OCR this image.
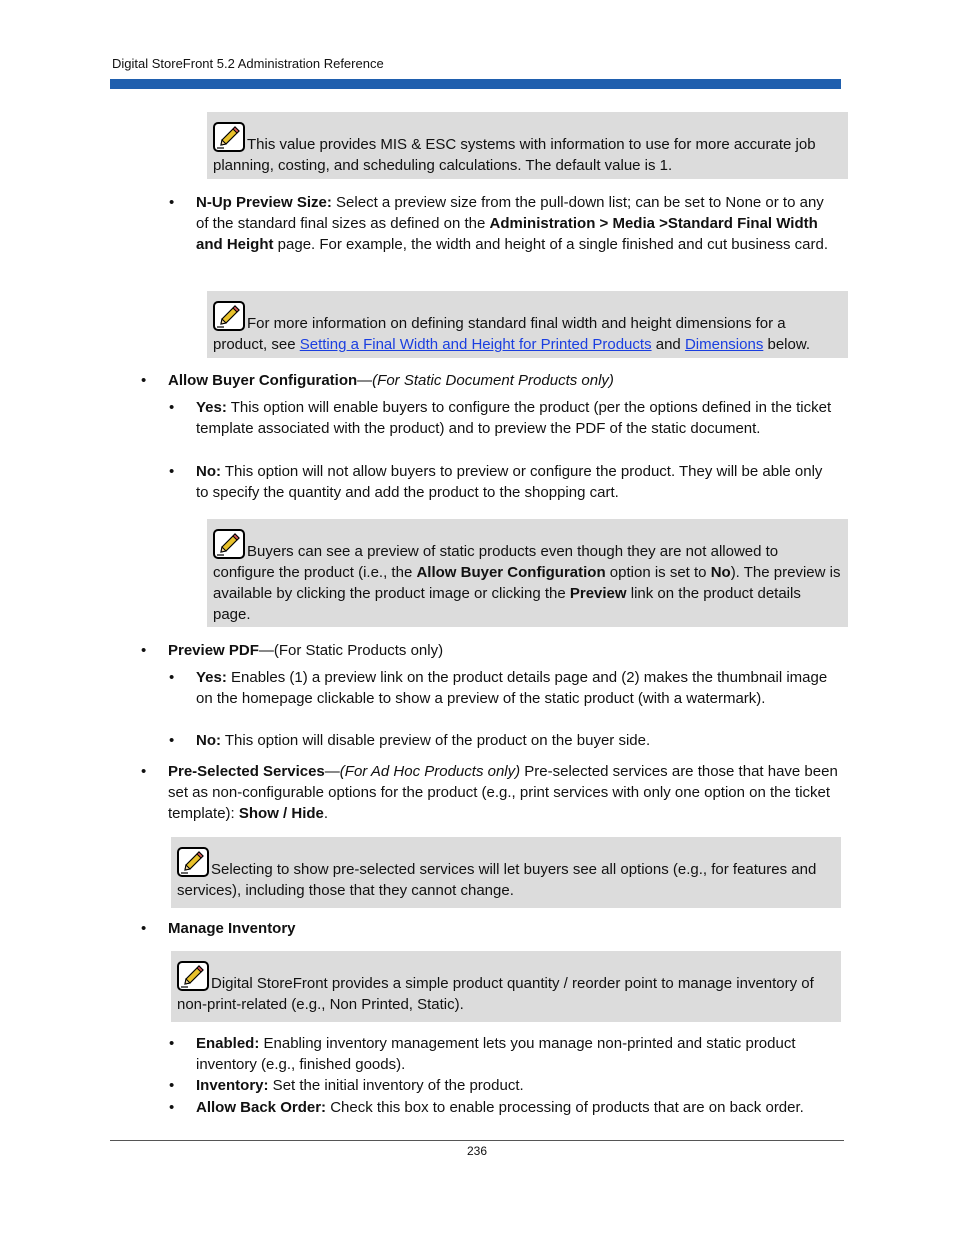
Digital StoreFront 5.2 Administration Reference
This value provides MIS & ESC systems with information to use for more accurate job planning, costing, and scheduling calculations. The default value is 1.
• N-Up Preview Size: Select a preview size from the pull-down list; can be set to None or to any of the standard final sizes as defined on the Administration > Media >Standard Final Width and Height page. For example, the width and height of a single finished and cut business card.
For more information on defining standard final width and height dimensions for a product, see Setting a Final Width and Height for Printed Products and Dimensions below.
• Allow Buyer Configuration—(For Static Document Products only)
• Yes: This option will enable buyers to configure the product (per the options defined in the ticket template associated with the product) and to preview the PDF of the static document.
• No: This option will not allow buyers to preview or configure the product. They will be able only to specify the quantity and add the product to the shopping cart.
Buyers can see a preview of static products even though they are not allowed to configure the product (i.e., the Allow Buyer Configuration option is set to No). The preview is available by clicking the product image or clicking the Preview link on the product details page.
• Preview PDF—(For Static Products only)
• Yes: Enables (1) a preview link on the product details page and (2) makes the thumbnail image on the homepage clickable to show a preview of the static product (with a watermark).
• No: This option will disable preview of the product on the buyer side.
• Pre-Selected Services—(For Ad Hoc Products only) Pre-selected services are those that have been set as non-configurable options for the product (e.g., print services with only one option on the ticket template): Show / Hide.
Selecting to show pre-selected services will let buyers see all options (e.g., for features and services), including those that they cannot change.
• Manage Inventory
Digital StoreFront provides a simple product quantity / reorder point to manage inventory of non-print-related (e.g., Non Printed, Static).
• Enabled: Enabling inventory management lets you manage non-printed and static product inventory (e.g., finished goods).
• Inventory: Set the initial inventory of the product.
• Allow Back Order: Check this box to enable processing of products that are on back order.
236
